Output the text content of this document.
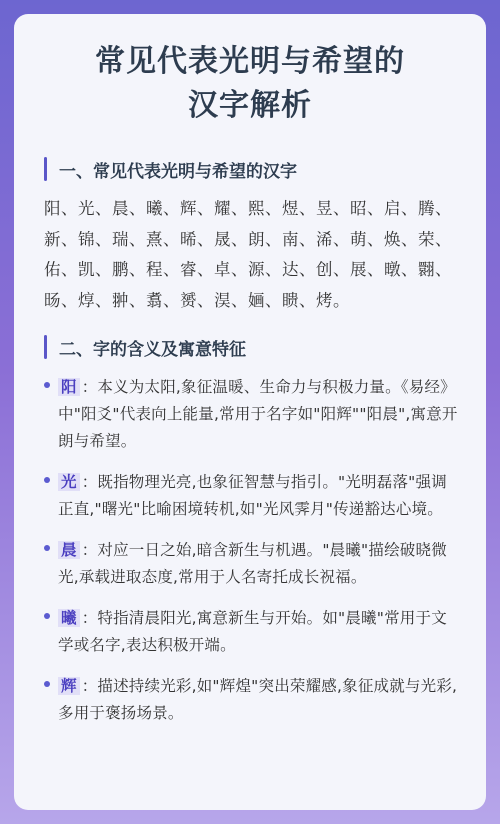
常见代表光明与希望的
汉字解析
一、常见代表光明与希望的汉字
阳、光、晨、曦、辉、耀、熙、煜、昱、昭、启、腾、新、锦、瑞、熹、晞、晟、朗、南、浠、萌、焕、荣、佑、凯、鹏、程、睿、卓、源、达、创、展、暾、翾、旸、焞、翀、翥、赟、淏、婳、瞆、烤。
二、字的含义及寓意特征

阳 ：本义为太阳,象征温暖、生命力与积极力量。《易经》中"阳爻"代表向上能量,常用于名字如"阳辉""阳晨",寓意开朗与希望。

光 ：既指物理光亮,也象征智慧与指引。"光明磊落"强调正直,"曙光"比喻困境转机,如"光风霁月"传递豁达心境。

晨 ：对应一日之始,暗含新生与机遇。"晨曦"描绘破晓微光,承载进取态度,常用于人名寄托成长祝福。

曦 ：特指清晨阳光,寓意新生与开始。如"晨曦"常用于文学或名字,表达积极开端。

辉 ：描述持续光彩,如"辉煌"突出荣耀感,象征成就与光彩,多用于褒扬场景。
